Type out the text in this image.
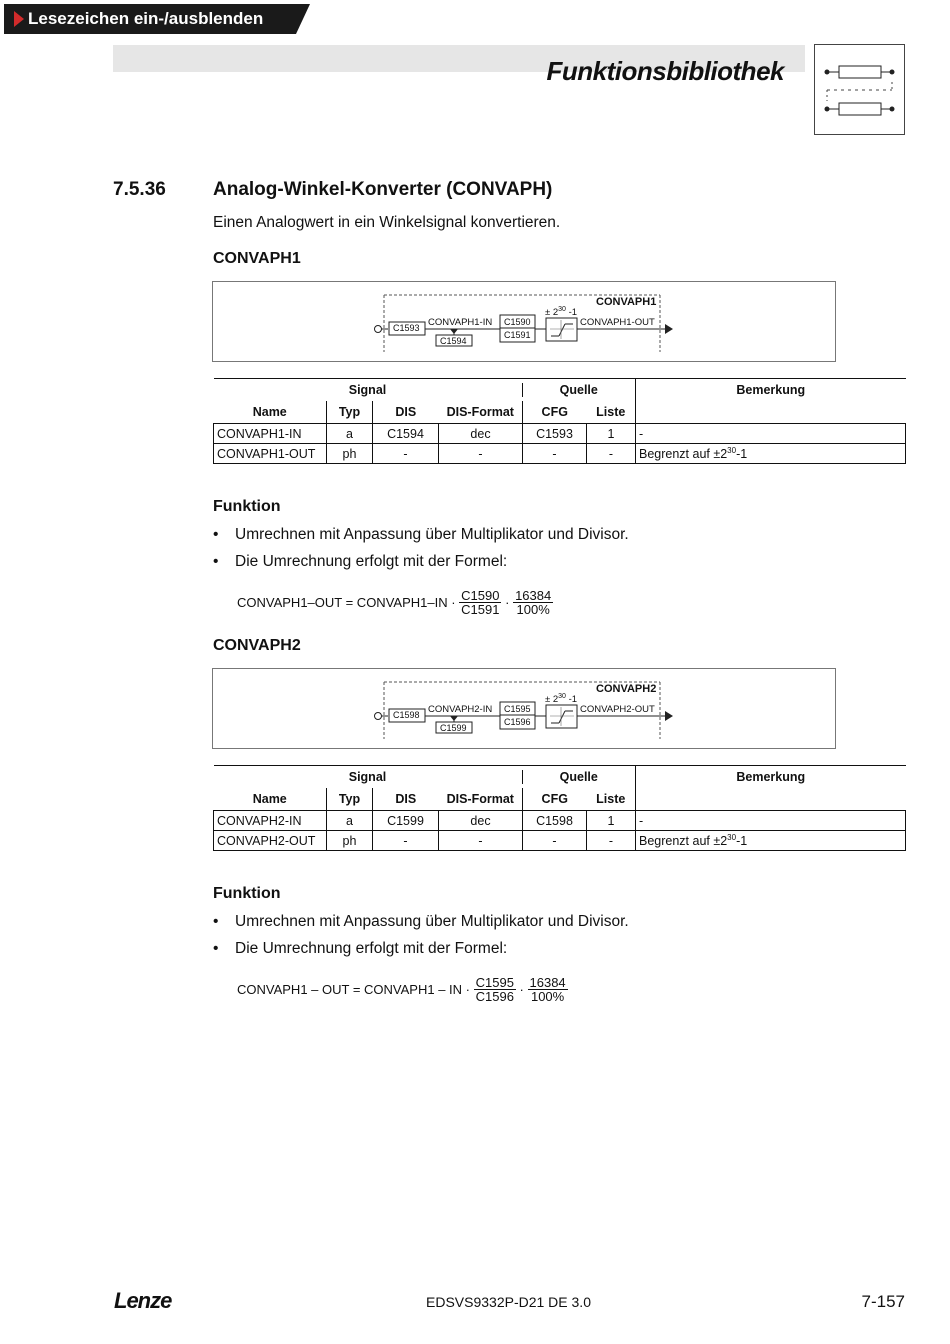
Lesezeichen ein-/ausblenden
Funktionsbibliothek
7.5.36 Analog-Winkel-Konverter (CONVAPH)
Einen Analogwert in ein Winkelsignal konvertieren.
CONVAPH1
C1593 CONVAPH1-IN
C1594
C1590
C1591
± $2^{30}$ -1
CONVAPH1
CONVAPH1-OUT
Signal Quelle						Bemerkung
Name	Typ	DIS	DIS-Format	CFG	Liste	
CONVAPH1-IN	a	C1594	dec	C1593	1	-
CONVAPH1-OUT	ph	-	-	-	-	Begrenzt auf $\pm 2^{30}-1$
Funktion
• Umrechnen mit Anpassung über Multiplikator und Divisor.
• Die Umrechnung erfolgt mit der Formel:
CONVAPH1–OUT = CONVAPH1–IN · $\frac{C1590}{C1591} \cdot \frac{16384}{100\%}$
CONVAPH2
C1598 CONVAPH2-IN
C1599
C1595
C1596
± $2^{30}$ -1
CONVAPH2
CONVAPH2-OUT
Signal Quelle						Bemerkung
Name	Typ	DIS	DIS-Format	CFG	Liste	
CONVAPH2-IN	a	C1599	dec	C1598	1	-
CONVAPH2-OUT	ph	-	-	-	-	Begrenzt auf $\pm 2^{30}-1$
Funktion
• Umrechnen mit Anpassung über Multiplikator und Divisor.
• Die Umrechnung erfolgt mit der Formel:
CONVAPH1 – OUT = CONVAPH1 – IN · $\frac{C1595}{C1596} \cdot \frac{16384}{100\%}$
Lenze	EDSVS9332P-D21 DE 3.0	7-157
